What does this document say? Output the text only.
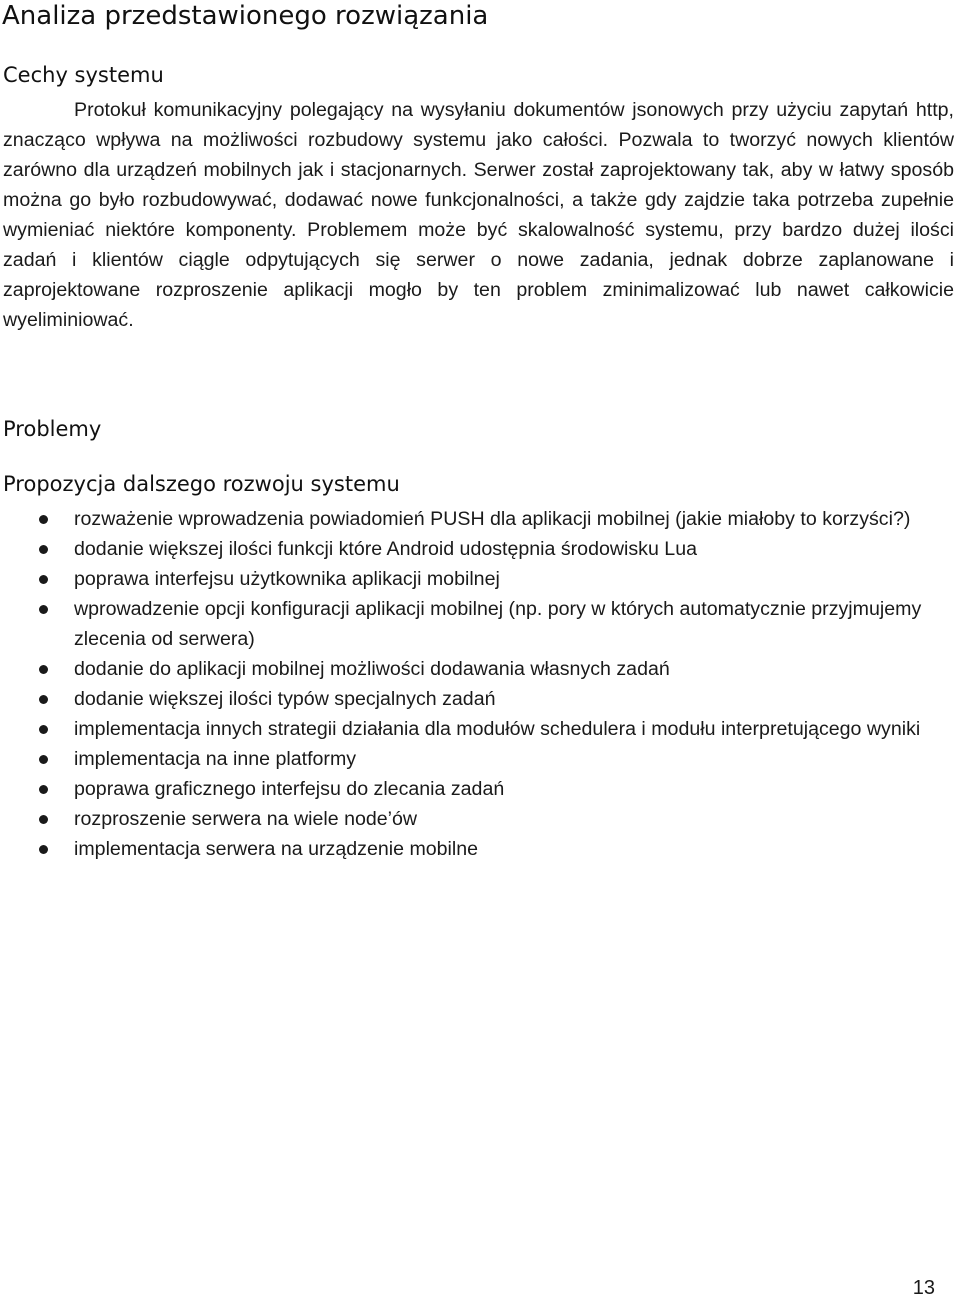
Analiza przedstawionego rozwiązania
Cechy systemu

Protokuł komunikacyjny polegający na wysyłaniu dokumentów jsonowych przy użyciu zapytań http, znacząco wpływa na możliwości rozbudowy systemu jako całości. Pozwala to tworzyć nowych klientów zarówno dla urządzeń mobilnych jak i stacjonarnych. Serwer został zaprojektowany tak, aby w łatwy sposób można go było rozbudowywać, dodawać nowe funkcjonalności, a także gdy zajdzie taka potrzeba zupełnie wymieniać niektóre komponenty. Problemem może być skalowalność systemu, przy bardzo dużej ilości zadań i klientów ciągle odpytujących się serwer o nowe zadania, jednak dobrze zaplanowane i zaprojektowane rozproszenie aplikacji mogło by ten problem zminimalizować lub nawet całkowicie wyeliminiować.

Problemy
Propozycja dalszego rozwoju systemu
rozważenie wprowadzenia powiadomień PUSH dla aplikacji mobilnej (jakie miałoby to korzyści?)
dodanie większej ilości funkcji które Android udostępnia środowisku Lua
poprawa interfejsu użytkownika aplikacji mobilnej
wprowadzenie opcji konfiguracji aplikacji mobilnej (np. pory w których automatycznie przyjmujemy zlecenia od serwera)
dodanie do aplikacji mobilnej możliwości dodawania własnych zadań
dodanie większej ilości typów specjalnych zadań
implementacja innych strategii działania dla modułów schedulera i modułu interpretującego wyniki
implementacja na inne platformy
poprawa graficznego interfejsu do zlecania zadań
rozproszenie serwera na wiele node’ów
implementacja serwera na urządzenie mobilne
13
